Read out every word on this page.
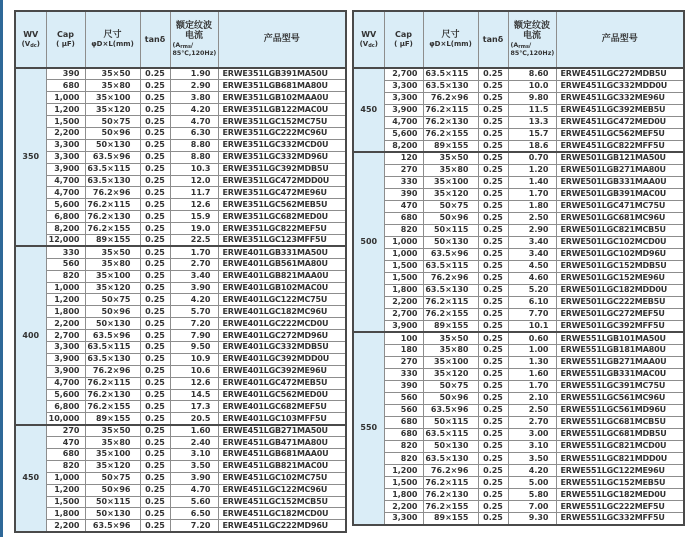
WV
$(V_{dc})$

Cap
( μF)

尺寸
φD×L(mm)

tanδ

额定纹波
电流
($A_{rms}/$
85℃,120Hz)

产品型号

350	390	35×50	0.25	1.90	ERWE351LGB391MA50U
	680	35×80	0.25	2.90	ERWE351LGB681MA80U
	1,000	35×100	0.25	3.80	ERWE351LGB102MAA0U
	1,200	35×120	0.25	4.20	ERWE351LGB122MAC0U
	1,500	50×75	0.25	4.70	ERWE351LGC152MC75U
	2,200	50×96	0.25	6.30	ERWE351LGC222MC96U
	3,300	50×130	0.25	8.80	ERWE351LGC332MCD0U
	3,300	63.5×96	0.25	8.80	ERWE351LGC332MD96U
	3,900	63.5×115	0.25	10.3	ERWE351LGC392MDB5U
	4,700	63.5×130	0.25	12.0	ERWE351LGC472MDD0U
	4,700	76.2×96	0.25	11.7	ERWE351LGC472ME96U
	5,600	76.2×115	0.25	12.6	ERWE351LGC562MEB5U
	6,800	76.2×130	0.25	15.9	ERWE351LGC682MED0U
	8,200	76.2×155	0.25	19.0	ERWE351LGC822MEF5U
	12,000	89×155	0.25	22.5	ERWE351LGC123MFF5U
400	330	35×50	0.25	1.70	ERWE401LGB331MA50U
	560	35×80	0.25	2.70	ERWE401LGB561MA80U
	820	35×100	0.25	3.40	ERWE401LGB821MAA0U
	1,000	35×120	0.25	3.90	ERWE401LGB102MAC0U
	1,200	50×75	0.25	4.20	ERWE401LGC122MC75U
	1,800	50×96	0.25	5.70	ERWE401LGC182MC96U
	2,200	50×130	0.25	7.20	ERWE401LGC222MCD0U
	2,700	63.5×96	0.25	7.90	ERWE401LGC272MD96U
	3,300	63.5×115	0.25	9.50	ERWE401LGC332MDB5U
	3,900	63.5×130	0.25	10.9	ERWE401LGC392MDD0U
	3,900	76.2×96	0.25	10.6	ERWE401LGC392ME96U
	4,700	76.2×115	0.25	12.6	ERWE401LGC472MEB5U
	5,600	76.2×130	0.25	14.5	ERWE401LGC562MED0U
	6,800	76.2×155	0.25	17.3	ERWE401LGC682MEF5U
	10,000	89×155	0.25	20.5	ERWE401LGC103MFF5U
450	270	35×50	0.25	1.60	ERWE451LGB271MA50U
	470	35×80	0.25	2.40	ERWE451LGB471MA80U
	680	35×100	0.25	3.10	ERWE451LGB681MAA0U
	820	35×120	0.25	3.50	ERWE451LGB821MAC0U
	1,000	50×75	0.25	3.90	ERWE451LGC102MC75U
	1,200	50×96	0.25	4.70	ERWE451LGC122MC96U
	1,500	50×115	0.25	5.60	ERWE451LGC152MCB5U
	1,800	50×130	0.25	6.50	ERWE451LGC182MCD0U
	2,200	63.5×96	0.25	7.20	ERWE451LGC222MD96U
WV
$(V_{dc})$

Cap
( μF)

尺寸
φD×L(mm)

tanδ

额定纹波
电流
($A_{rms}/$
85℃,120Hz)

产品型号

450	2,700	63.5×115	0.25	8.60	ERWE451LGC272MDB5U
	3,300	63.5×130	0.25	10.0	ERWE451LGC332MDD0U
	3,300	76.2×96	0.25	9.80	ERWE451LGC332ME96U
	3,900	76.2×115	0.25	11.5	ERWE451LGC392MEB5U
	4,700	76.2×130	0.25	13.3	ERWE451LGC472MED0U
	5,600	76.2×155	0.25	15.7	ERWE451LGC562MEF5U
	8,200	89×155	0.25	18.6	ERWE451LGC822MFF5U
500	120	35×50	0.25	0.70	ERWE501LGB121MA50U
	270	35×80	0.25	1.20	ERWE501LGB271MA80U
	330	35×100	0.25	1.40	ERWE501LGB331MAA0U
	390	35×120	0.25	1.70	ERWE501LGB391MAC0U
	470	50×75	0.25	1.80	ERWE501LGC471MC75U
	680	50×96	0.25	2.50	ERWE501LGC681MC96U
	820	50×115	0.25	2.90	ERWE501LGC821MCB5U
	1,000	50×130	0.25	3.40	ERWE501LGC102MCD0U
	1,000	63.5×96	0.25	3.40	ERWE501LGC102MD96U
	1,500	63.5×115	0.25	4.50	ERWE501LGC152MDB5U
	1,500	76.2×96	0.25	4.60	ERWE501LGC152ME96U
	1,800	63.5×130	0.25	5.20	ERWE501LGC182MDD0U
	2,200	76.2×115	0.25	6.10	ERWE501LGC222MEB5U
	2,700	76.2×155	0.25	7.70	ERWE501LGC272MEF5U
	3,900	89×155	0.25	10.1	ERWE501LGC392MFF5U
550	100	35×50	0.25	0.60	ERWE551LGB101MA50U
	180	35×80	0.25	1.00	ERWE551LGB181MA80U
	270	35×100	0.25	1.30	ERWE551LGB271MAA0U
	330	35×120	0.25	1.60	ERWE551LGB331MAC0U
	390	50×75	0.25	1.70	ERWE551LGC391MC75U
	560	50×96	0.25	2.10	ERWE551LGC561MC96U
	560	63.5×96	0.25	2.50	ERWE551LGC561MD96U
	680	50×115	0.25	2.70	ERWE551LGC681MCB5U
	680	63.5×115	0.25	3.00	ERWE551LGC681MDB5U
	820	50×130	0.25	3.10	ERWE551LGC821MCD0U
	820	63.5×130	0.25	3.50	ERWE551LGC821MDD0U
	1,200	76.2×96	0.25	4.20	ERWE551LGC122ME96U
	1,500	76.2×115	0.25	5.00	ERWE551LGC152MEB5U
	1,800	76.2×130	0.25	5.80	ERWE551LGC182MED0U
	2,200	76.2×155	0.25	7.00	ERWE551LGC222MEF5U
	3,300	89×155	0.25	9.30	ERWE551LGC332MFF5U
